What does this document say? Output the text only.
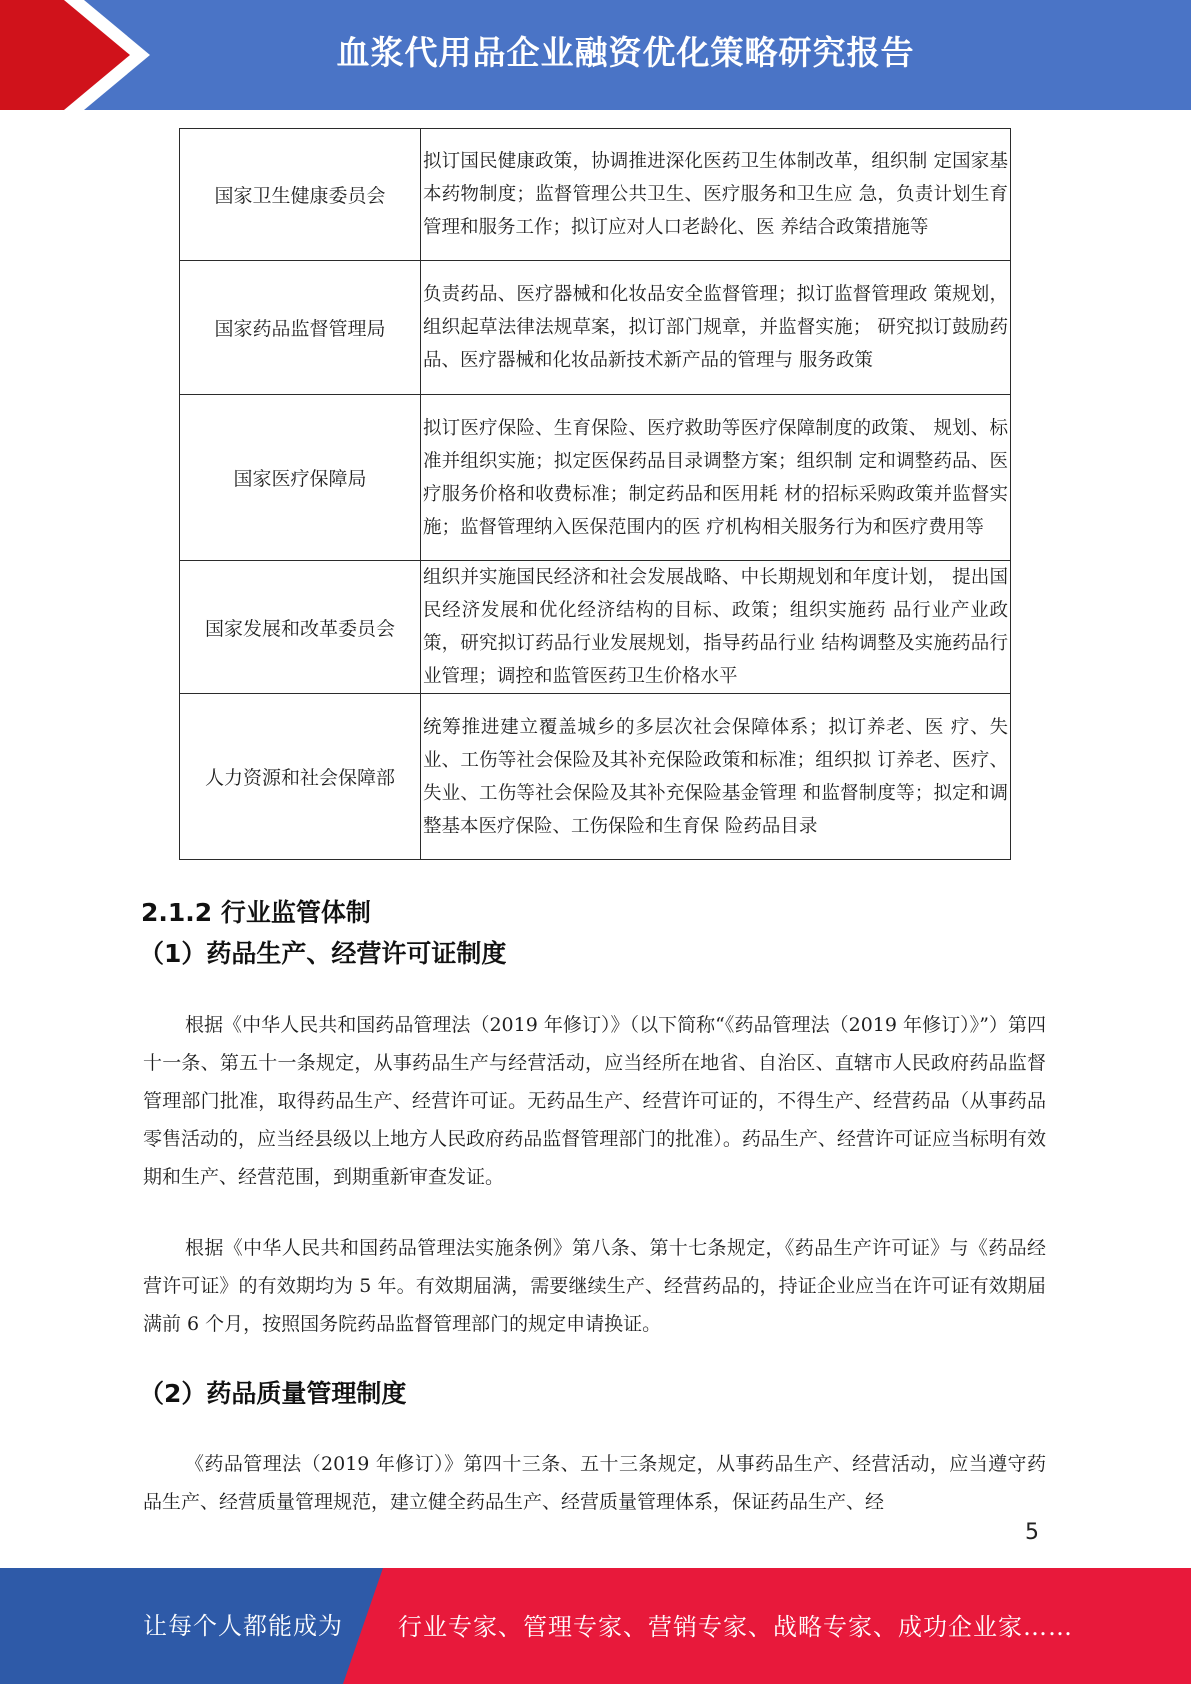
血浆代用品企业融资优化策略研究报告
国家卫生健康委员会	拟订国民健康政策，协调推进深化医药卫生体制改革，组织制 定国家基本药物制度；监督管理公共卫生、医疗服务和卫生应 急，负责计划生育管理和服务工作；拟订应对人口老龄化、医 养结合政策措施等
国家药品监督管理局	负责药品、医疗器械和化妆品安全监督管理；拟订监督管理政 策规划，组织起草法律法规草案，拟订部门规章，并监督实施； 研究拟订鼓励药品、医疗器械和化妆品新技术新产品的管理与 服务政策
国家医疗保障局	拟订医疗保险、生育保险、医疗救助等医疗保障制度的政策、 规划、标准并组织实施；拟定医保药品目录调整方案；组织制 定和调整药品、医疗服务价格和收费标准；制定药品和医用耗 材的招标采购政策并监督实施；监督管理纳入医保范围内的医 疗机构相关服务行为和医疗费用等
国家发展和改革委员会	组织并实施国民经济和社会发展战略、中长期规划和年度计划， 提出国民经济发展和优化经济结构的目标、政策；组织实施药 品行业产业政策，研究拟订药品行业发展规划，指导药品行业 结构调整及实施药品行业管理；调控和监管医药卫生价格水平
人力资源和社会保障部	统筹推进建立覆盖城乡的多层次社会保障体系；拟订养老、医 疗、失业、工伤等社会保险及其补充保险政策和标准；组织拟 订养老、医疗、失业、工伤等社会保险及其补充保险基金管理 和监督制度等；拟定和调整基本医疗保险、工伤保险和生育保 险药品目录
2.1.2 行业监管体制
（1）药品生产、经营许可证制度

根据《中华人民共和国药品管理法（2019 年修订）》（以下简称“《药品管理法（2019 年修订）》”）第四十一条、第五十一条规定，从事药品生产与经营活动，应当经所在地省、自治区、直辖市人民政府药品监督管理部门批准，取得药品生产、经营许可证。无药品生产、经营许可证的，不得生产、经营药品（从事药品零售活动的，应当经县级以上地方人民政府药品监督管理部门的批准）。药品生产、经营许可证应当标明有效期和生产、经营范围，到期重新审查发证。

根据《中华人民共和国药品管理法实施条例》第八条、第十七条规定，《药品生产许可证》与《药品经营许可证》的有效期均为 5 年。有效期届满，需要继续生产、经营药品的，持证企业应当在许可证有效期届满前 6 个月，按照国务院药品监督管理部门的规定申请换证。

（2）药品质量管理制度

《药品管理法（2019 年修订）》第四十三条、五十三条规定，从事药品生产、经营活动，应当遵守药品生产、经营质量管理规范，建立健全药品生产、经营质量管理体系，保证药品生产、经

5
让每个人都能成为 行业专家、管理专家、营销专家、战略专家、成功企业家……
